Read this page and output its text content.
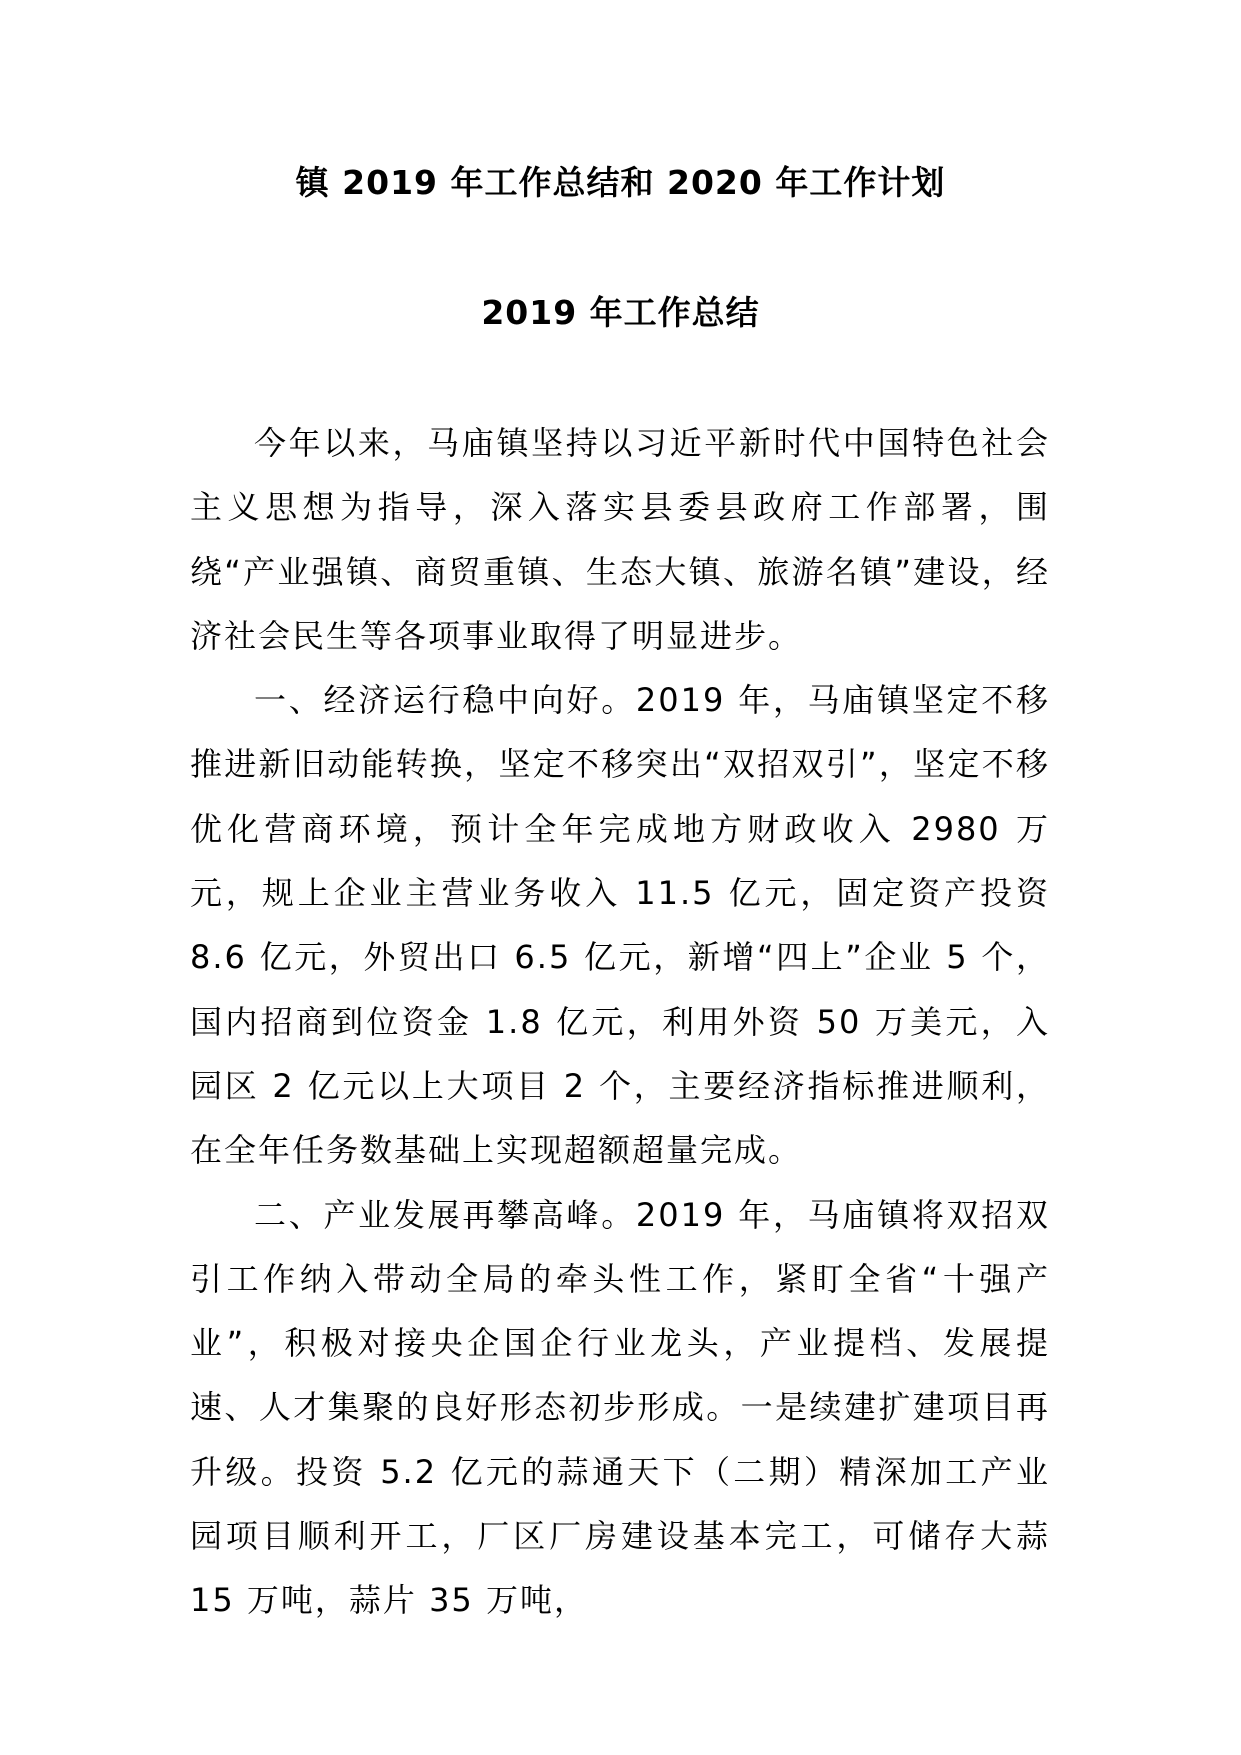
镇 2019 年工作总结和 2020 年工作计划
2019 年工作总结

今年以来，马庙镇坚持以习近平新时代中国特色社会主义思想为指导，深入落实县委县政府工作部署，围绕“产业强镇、商贸重镇、生态大镇、旅游名镇”建设，经济社会民生等各项事业取得了明显进步。

一、经济运行稳中向好。2019 年，马庙镇坚定不移推进新旧动能转换，坚定不移突出“双招双引”，坚定不移优化营商环境，预计全年完成地方财政收入 2980 万元，规上企业主营业务收入 11.5 亿元，固定资产投资 8.6 亿元，外贸出口 6.5 亿元，新增“四上”企业 5 个，国内招商到位资金 1.8 亿元，利用外资 50 万美元，入园区 2 亿元以上大项目 2 个，主要经济指标推进顺利，在全年任务数基础上实现超额超量完成。

二、产业发展再攀高峰。2019 年，马庙镇将双招双引工作纳入带动全局的牵头性工作，紧盯全省“十强产业”，积极对接央企国企行业龙头，产业提档、发展提速、人才集聚的良好形态初步形成。一是续建扩建项目再升级。投资 5.2 亿元的蒜通天下（二期）精深加工产业园项目顺利开工，厂区厂房建设基本完工，可储存大蒜 15 万吨，蒜片 35 万吨，
